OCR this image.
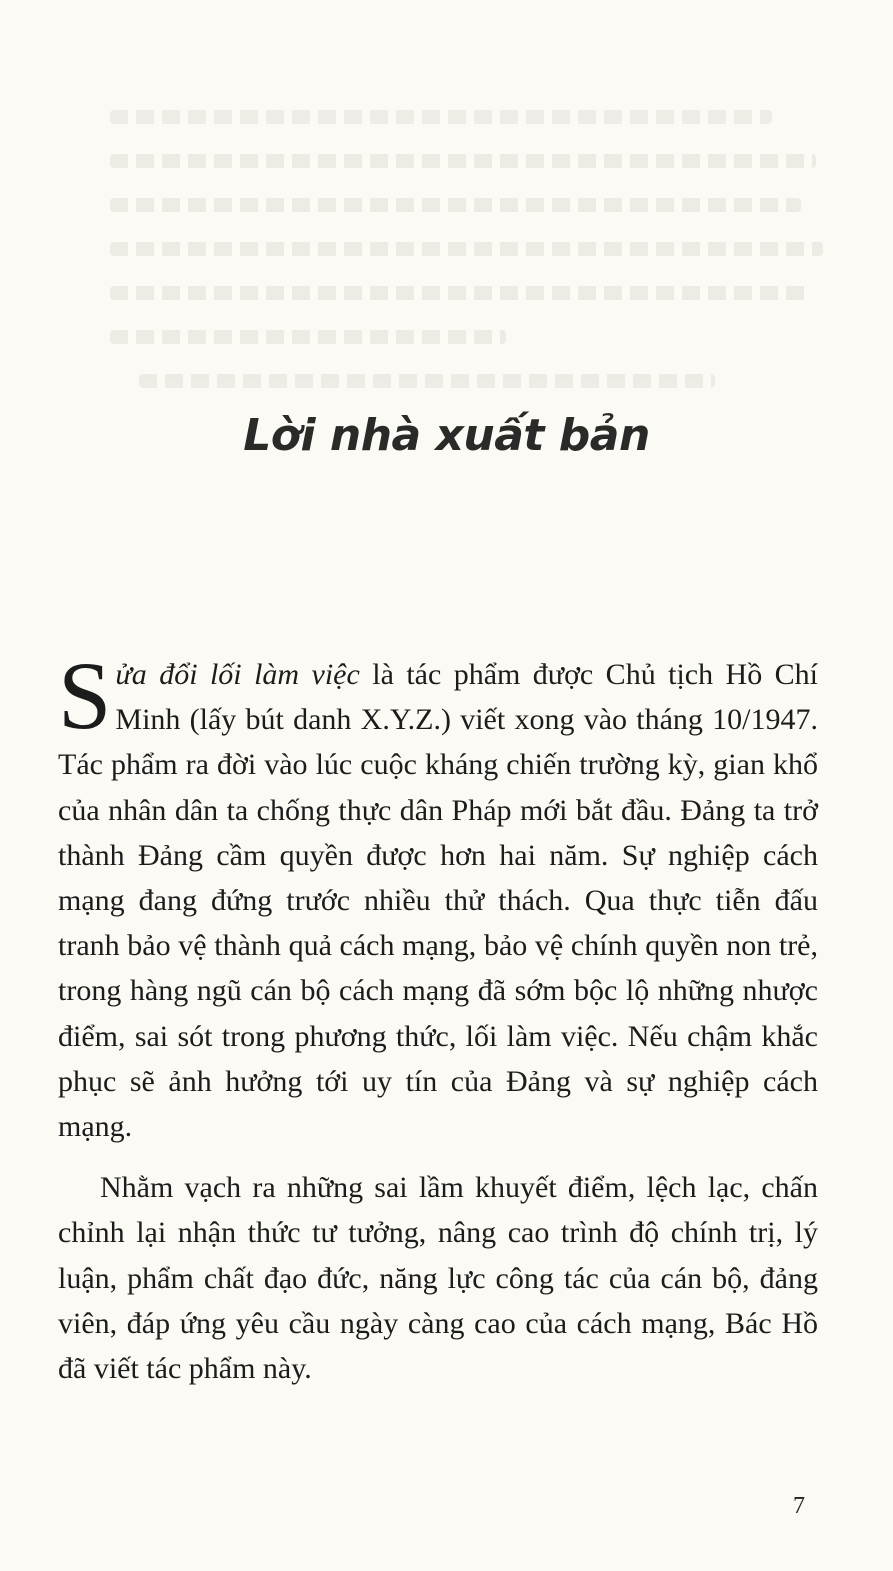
Lời nhà xuất bản

Sửa đổi lối làm việc là tác phẩm được Chủ tịch Hồ Chí Minh (lấy bút danh X.Y.Z.) viết xong vào tháng 10/1947. Tác phẩm ra đời vào lúc cuộc kháng chiến trường kỳ, gian khổ của nhân dân ta chống thực dân Pháp mới bắt đầu. Đảng ta trở thành Đảng cầm quyền được hơn hai năm. Sự nghiệp cách mạng đang đứng trước nhiều thử thách. Qua thực tiễn đấu tranh bảo vệ thành quả cách mạng, bảo vệ chính quyền non trẻ, trong hàng ngũ cán bộ cách mạng đã sớm bộc lộ những nhược điểm, sai sót trong phương thức, lối làm việc. Nếu chậm khắc phục sẽ ảnh hưởng tới uy tín của Đảng và sự nghiệp cách mạng.

Nhằm vạch ra những sai lầm khuyết điểm, lệch lạc, chấn chỉnh lại nhận thức tư tưởng, nâng cao trình độ chính trị, lý luận, phẩm chất đạo đức, năng lực công tác của cán bộ, đảng viên, đáp ứng yêu cầu ngày càng cao của cách mạng, Bác Hồ đã viết tác phẩm này.

7
